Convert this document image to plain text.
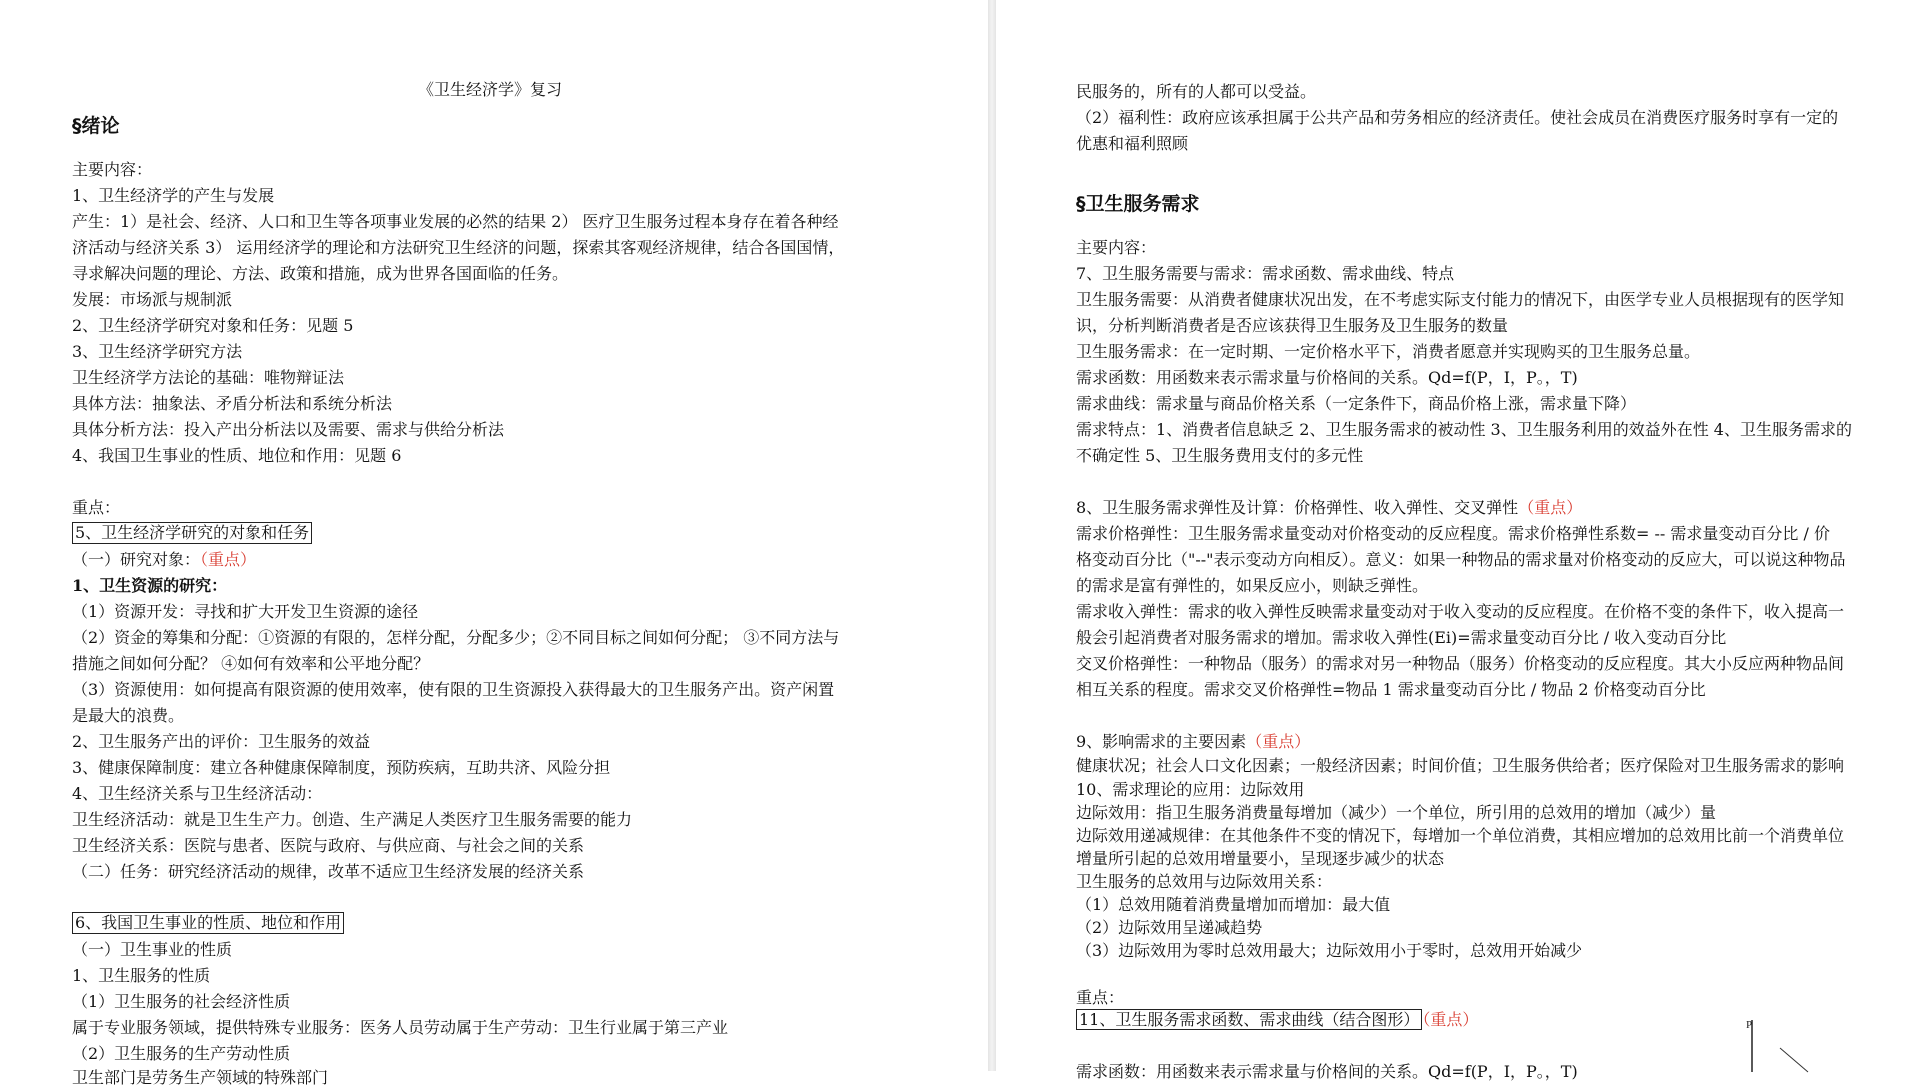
《卫生经济学》复习
§绪论
主要内容：
1、卫生经济学的产生与发展
产生：1）是社会、经济、人口和卫生等各项事业发展的必然的结果 2） 医疗卫生服务过程本身存在着各种经
济活动与经济关系 3） 运用经济学的理论和方法研究卫生经济的问题，探索其客观经济规律，结合各国国情，
寻求解决问题的理论、方法、政策和措施，成为世界各国面临的任务。
发展：市场派与规制派
2、卫生经济学研究对象和任务：见题 5
3、卫生经济学研究方法
卫生经济学方法论的基础：唯物辩证法
具体方法：抽象法、矛盾分析法和系统分析法
具体分析方法：投入产出分析法以及需要、需求与供给分析法
4、我国卫生事业的性质、地位和作用：见题 6
重点：
5、卫生经济学研究的对象和任务
（一）研究对象：（重点）
1、卫生资源的研究：
（1）资源开发：寻找和扩大开发卫生资源的途径
（2）资金的筹集和分配：①资源的有限的，怎样分配，分配多少；②不同目标之间如何分配； ③不同方法与
措施之间如何分配？ ④如何有效率和公平地分配？
（3）资源使用：如何提高有限资源的使用效率，使有限的卫生资源投入获得最大的卫生服务产出。资产闲置
是最大的浪费。
2、卫生服务产出的评价：卫生服务的效益
3、健康保障制度：建立各种健康保障制度，预防疾病，互助共济、风险分担
4、卫生经济关系与卫生经济活动：
卫生经济活动：就是卫生生产力。创造、生产满足人类医疗卫生服务需要的能力
卫生经济关系：医院与患者、医院与政府、与供应商、与社会之间的关系
（二）任务：研究经济活动的规律，改革不适应卫生经济发展的经济关系
6、我国卫生事业的性质、地位和作用
（一）卫生事业的性质
1、卫生服务的性质
（1）卫生服务的社会经济性质
属于专业服务领域，提供特殊专业服务：医务人员劳动属于生产劳动：卫生行业属于第三产业
（2）卫生服务的生产劳动性质
卫生部门是劳务生产领域的特殊部门
民服务的，所有的人都可以受益。
（2）福利性：政府应该承担属于公共产品和劳务相应的经济责任。使社会成员在消费医疗服务时享有一定的
优惠和福利照顾
§卫生服务需求
主要内容：
7、卫生服务需要与需求：需求函数、需求曲线、特点
卫生服务需要：从消费者健康状况出发，在不考虑实际支付能力的情况下，由医学专业人员根据现有的医学知
识，分析判断消费者是否应该获得卫生服务及卫生服务的数量
卫生服务需求：在一定时期、一定价格水平下，消费者愿意并实现购买的卫生服务总量。
需求函数：用函数来表示需求量与价格间的关系。Qd=f(P，I，P。，T)
需求曲线：需求量与商品价格关系（一定条件下，商品价格上涨，需求量下降）
需求特点：1、消费者信息缺乏 2、卫生服务需求的被动性 3、卫生服务利用的效益外在性 4、卫生服务需求的
不确定性 5、卫生服务费用支付的多元性
8、卫生服务需求弹性及计算：价格弹性、收入弹性、交叉弹性（重点）
需求价格弹性：卫生服务需求量变动对价格变动的反应程度。需求价格弹性系数= -- 需求量变动百分比 / 价
格变动百分比（"--"表示变动方向相反）。意义：如果一种物品的需求量对价格变动的反应大，可以说这种物品
的需求是富有弹性的，如果反应小，则缺乏弹性。
需求收入弹性：需求的收入弹性反映需求量变动对于收入变动的反应程度。在价格不变的条件下，收入提高一
般会引起消费者对服务需求的增加。需求收入弹性(Ei)=需求量变动百分比 / 收入变动百分比
交叉价格弹性：一种物品（服务）的需求对另一种物品（服务）价格变动的反应程度。其大小反应两种物品间
相互关系的程度。需求交叉价格弹性=物品 1 需求量变动百分比 / 物品 2 价格变动百分比
9、影响需求的主要因素（重点）
健康状况；社会人口文化因素；一般经济因素；时间价值；卫生服务供给者；医疗保险对卫生服务需求的影响
10、需求理论的应用：边际效用
边际效用：指卫生服务消费量每增加（减少）一个单位，所引用的总效用的增加（减少）量
边际效用递减规律：在其他条件不变的情况下，每增加一个单位消费，其相应增加的总效用比前一个消费单位
增量所引起的总效用增量要小，呈现逐步减少的状态
卫生服务的总效用与边际效用关系：
（1）总效用随着消费量增加而增加：最大值
（2）边际效用呈递减趋势
（3）边际效用为零时总效用最大；边际效用小于零时，总效用开始减少
重点：
11、卫生服务需求函数、需求曲线（结合图形） （重点）
需求函数：用函数来表示需求量与价格间的关系。Qd=f(P，I，P。，T)
P
